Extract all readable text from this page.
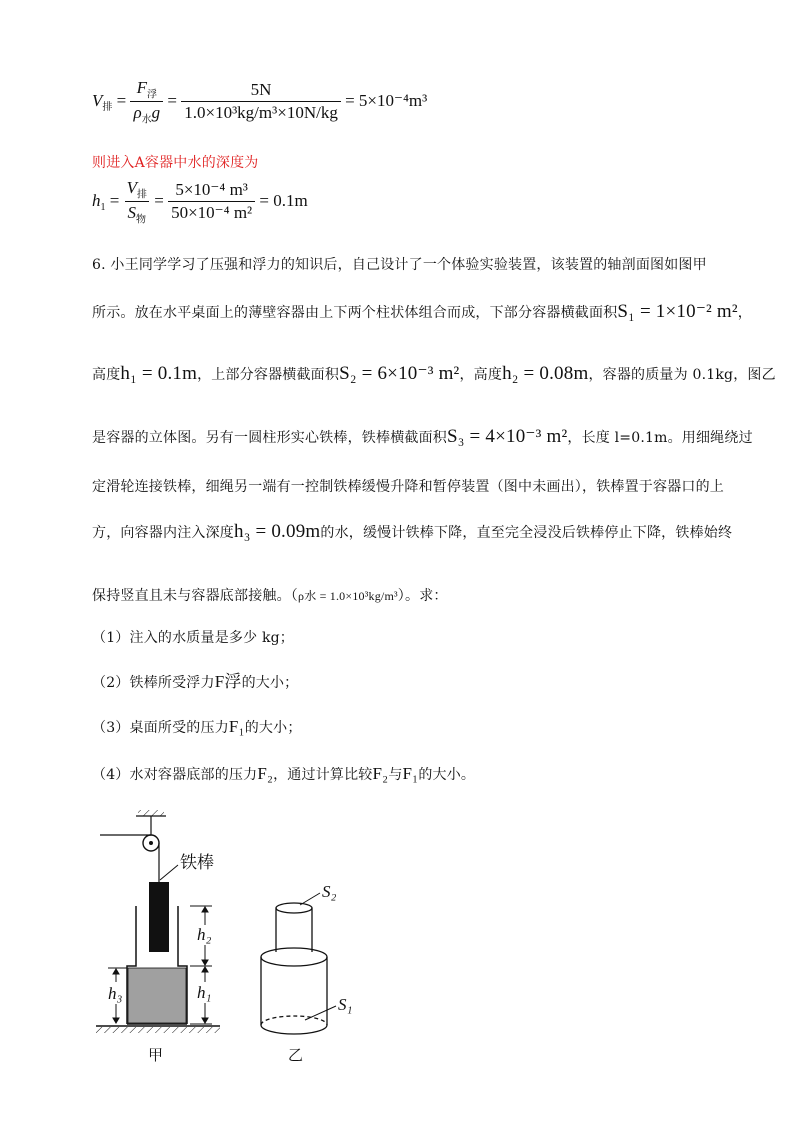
$V_排 = \frac{F_浮}{\rho_水g} = \frac{5N}{\text{1.0×10³kg/m³×10N/kg}} = 5\times 10^{-4}m^3$
则进入A容器中水的深度为
$h_1 = \frac{V_排}{S_物} = \frac{\text{5×10⁻⁴ m³}}{\text{50×10⁻⁴ m²}} = 0.1m$
6. 小王同学学习了压强和浮力的知识后，自己设计了一个体验实验装置，该装置的轴剖面图如图甲
所示。放在水平桌面上的薄壁容器由上下两个柱状体组合而成，下部分容器横截面积S₁ = 1×10⁻² m²，
高度h₁ = 0.1m，上部分容器横截面积S₂ = 6×10⁻³ m²，高度h₂ = 0.08m，容器的质量为 0.1kg，图乙
是容器的立体图。另有一圆柱形实心铁棒，铁棒横截面积S₃ = 4×10⁻³ m²，长度 l=0.1m。用细绳绕过
定滑轮连接铁棒，细绳另一端有一控制铁棒缓慢升降和暂停装置（图中未画出），铁棒置于容器口的上
方，向容器内注入深度h₃ = 0.09m的水，缓慢计铁棒下降，直至完全浸没后铁棒停止下降，铁棒始终
保持竖直且未与容器底部接触。（ρ水 = 1.0×10³kg/m³）。求：
（1）注入的水质量是多少 kg；
（2）铁棒所受浮力F浮的大小；
（3）桌面所受的压力F₁的大小；
（4）水对容器底部的压力F₂，通过计算比较F₂与F₁的大小。
铁棒
h₂
h₁
h₃
甲
S₂
S₁
乙
